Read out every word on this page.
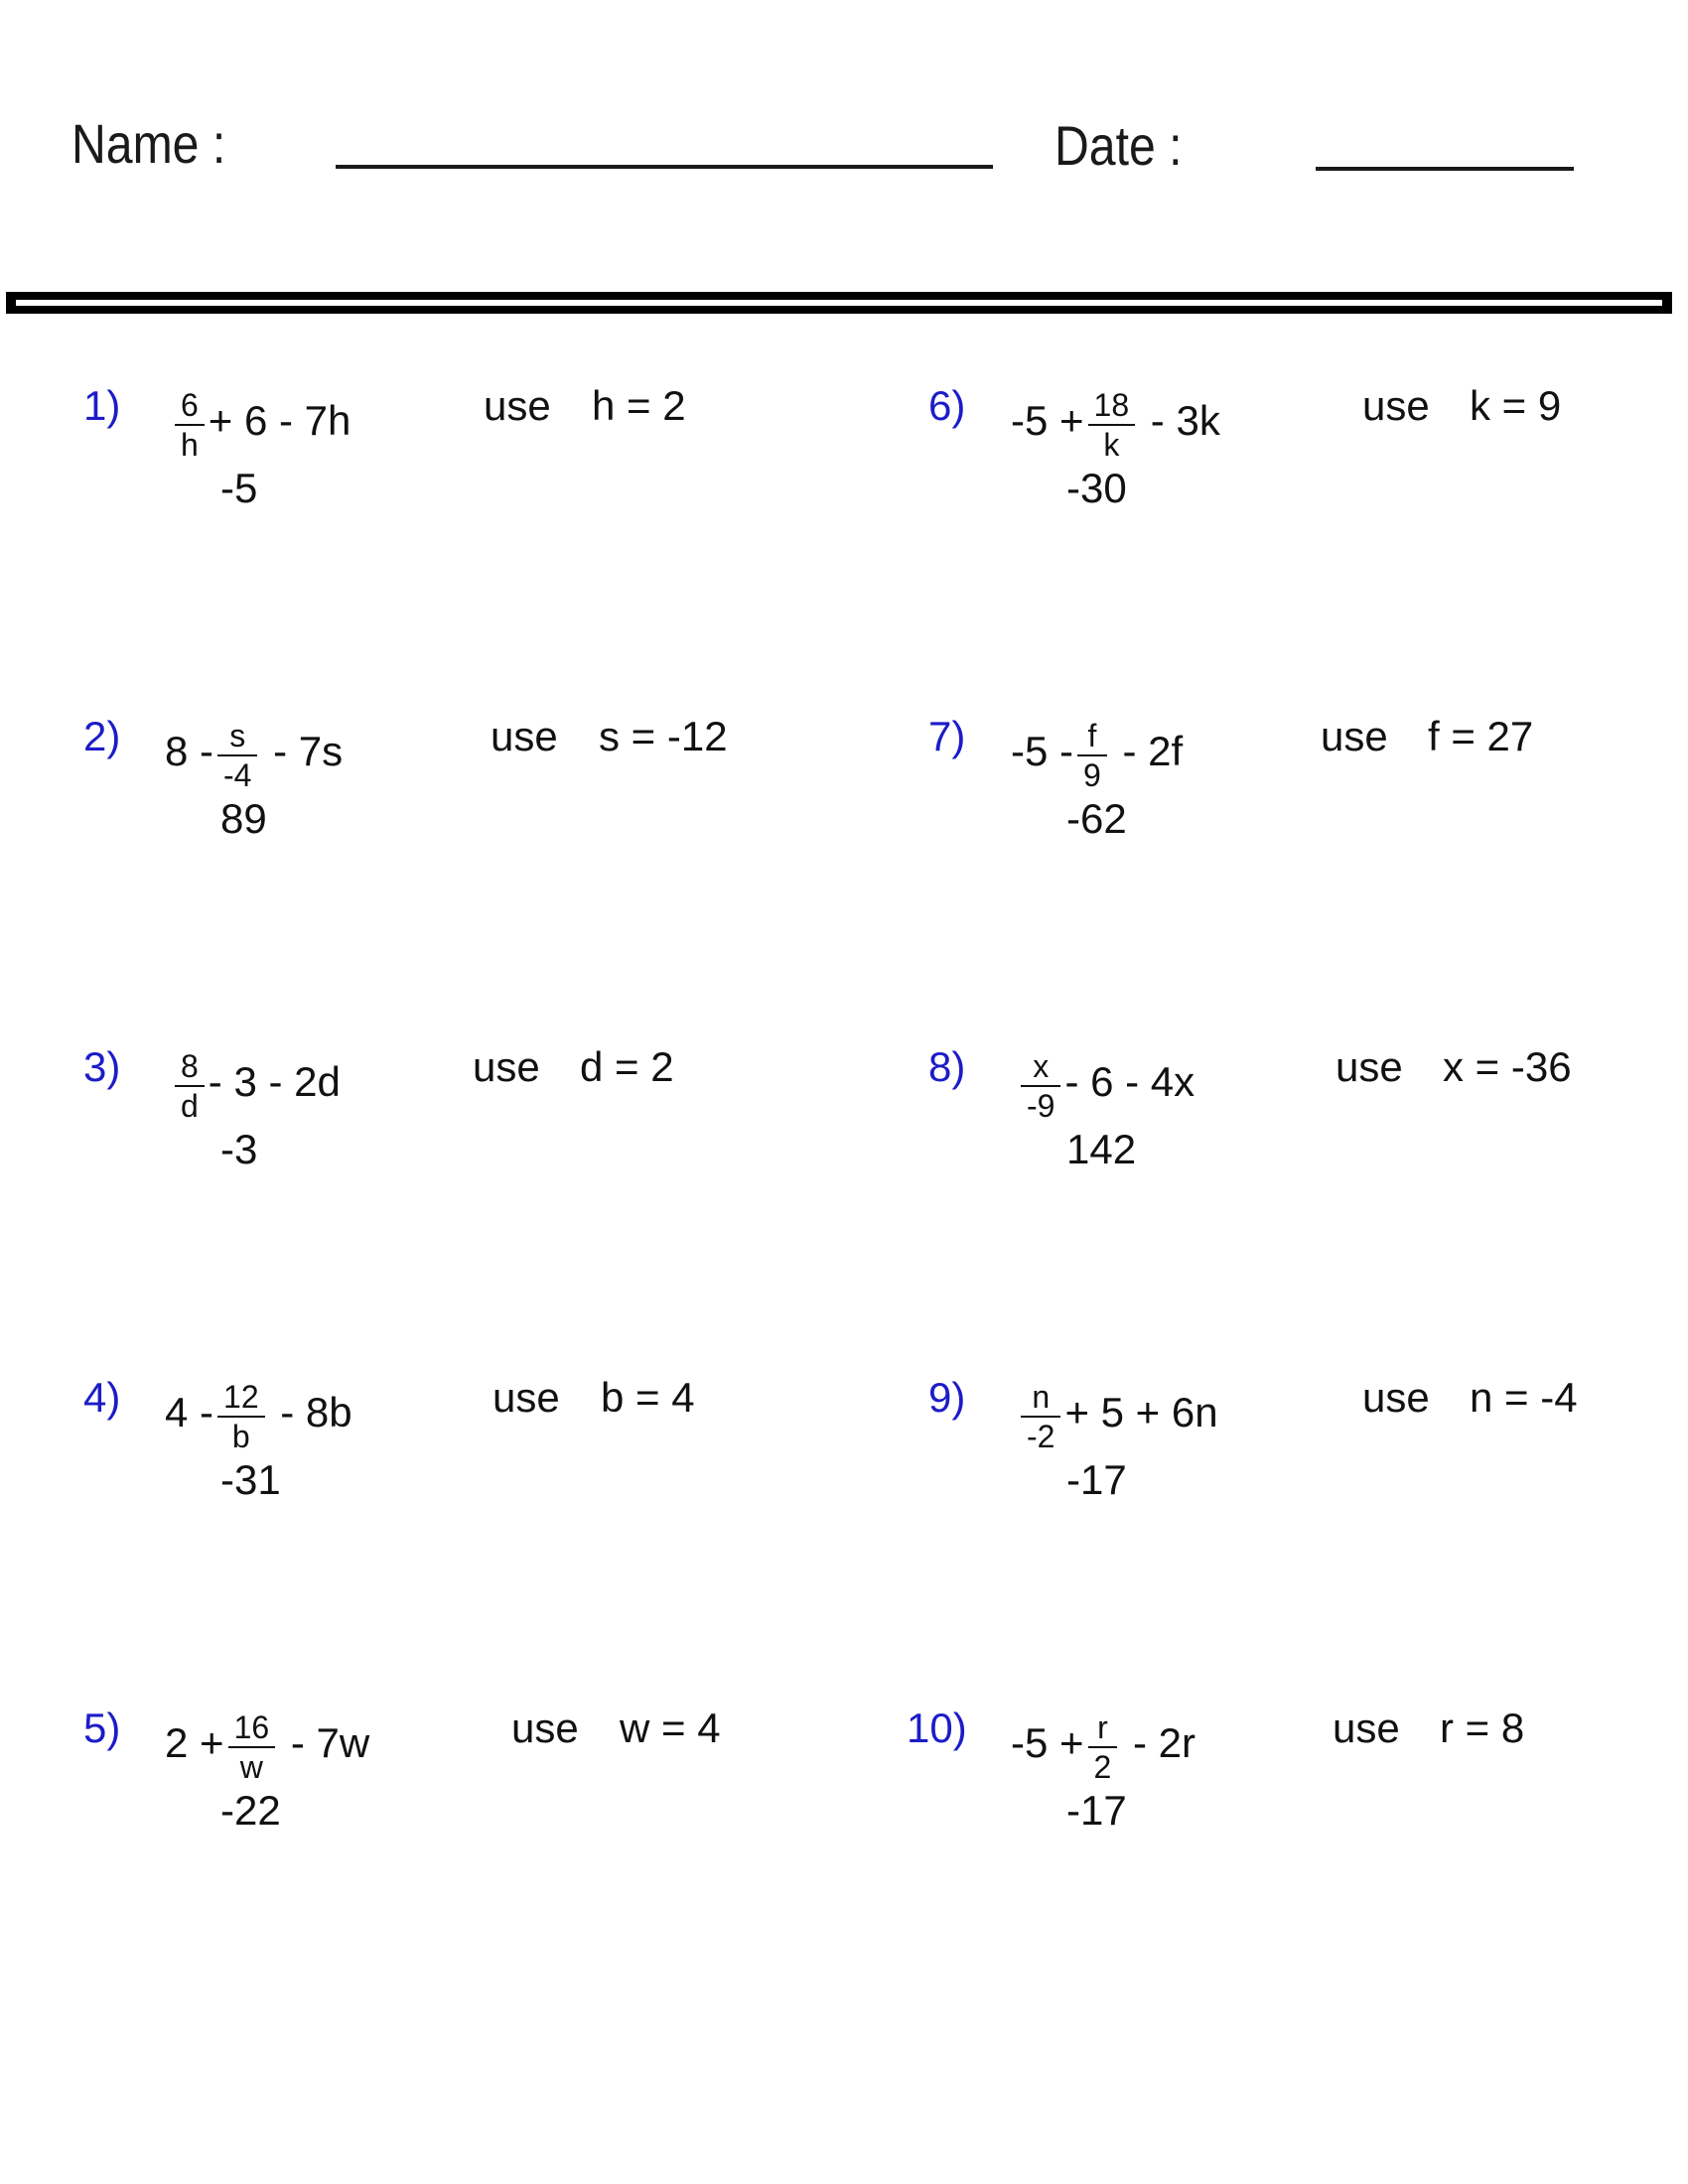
Name :	Date :
$1) \frac{6}{h} + 6 - 7h$	use h = 2
-5
2) $8 - \frac{s}{-4} - 7s$	use s = -12
89
$3) \frac{8}{d} - 3 - 2d$	use d = 2
-3
4) $4 - \frac{12}{b} - 8b$	use b = 4
-31
5) $2 + \frac{16}{w} - 7w$	use w = 4
-22
6) $-5 + \frac{18}{k} - 3k$	use k = 9
-30
7) $-5 - \frac{f}{9} - 2f$	use f = 27
-62
$8) \frac{x}{-9} - 6 - 4x$	use x = -36
142
$9) \frac{n}{-2} + 5 + 6n$	use n = -4
-17
10) $-5 + \frac{r}{2} - 2r$	use r = 8
-17
